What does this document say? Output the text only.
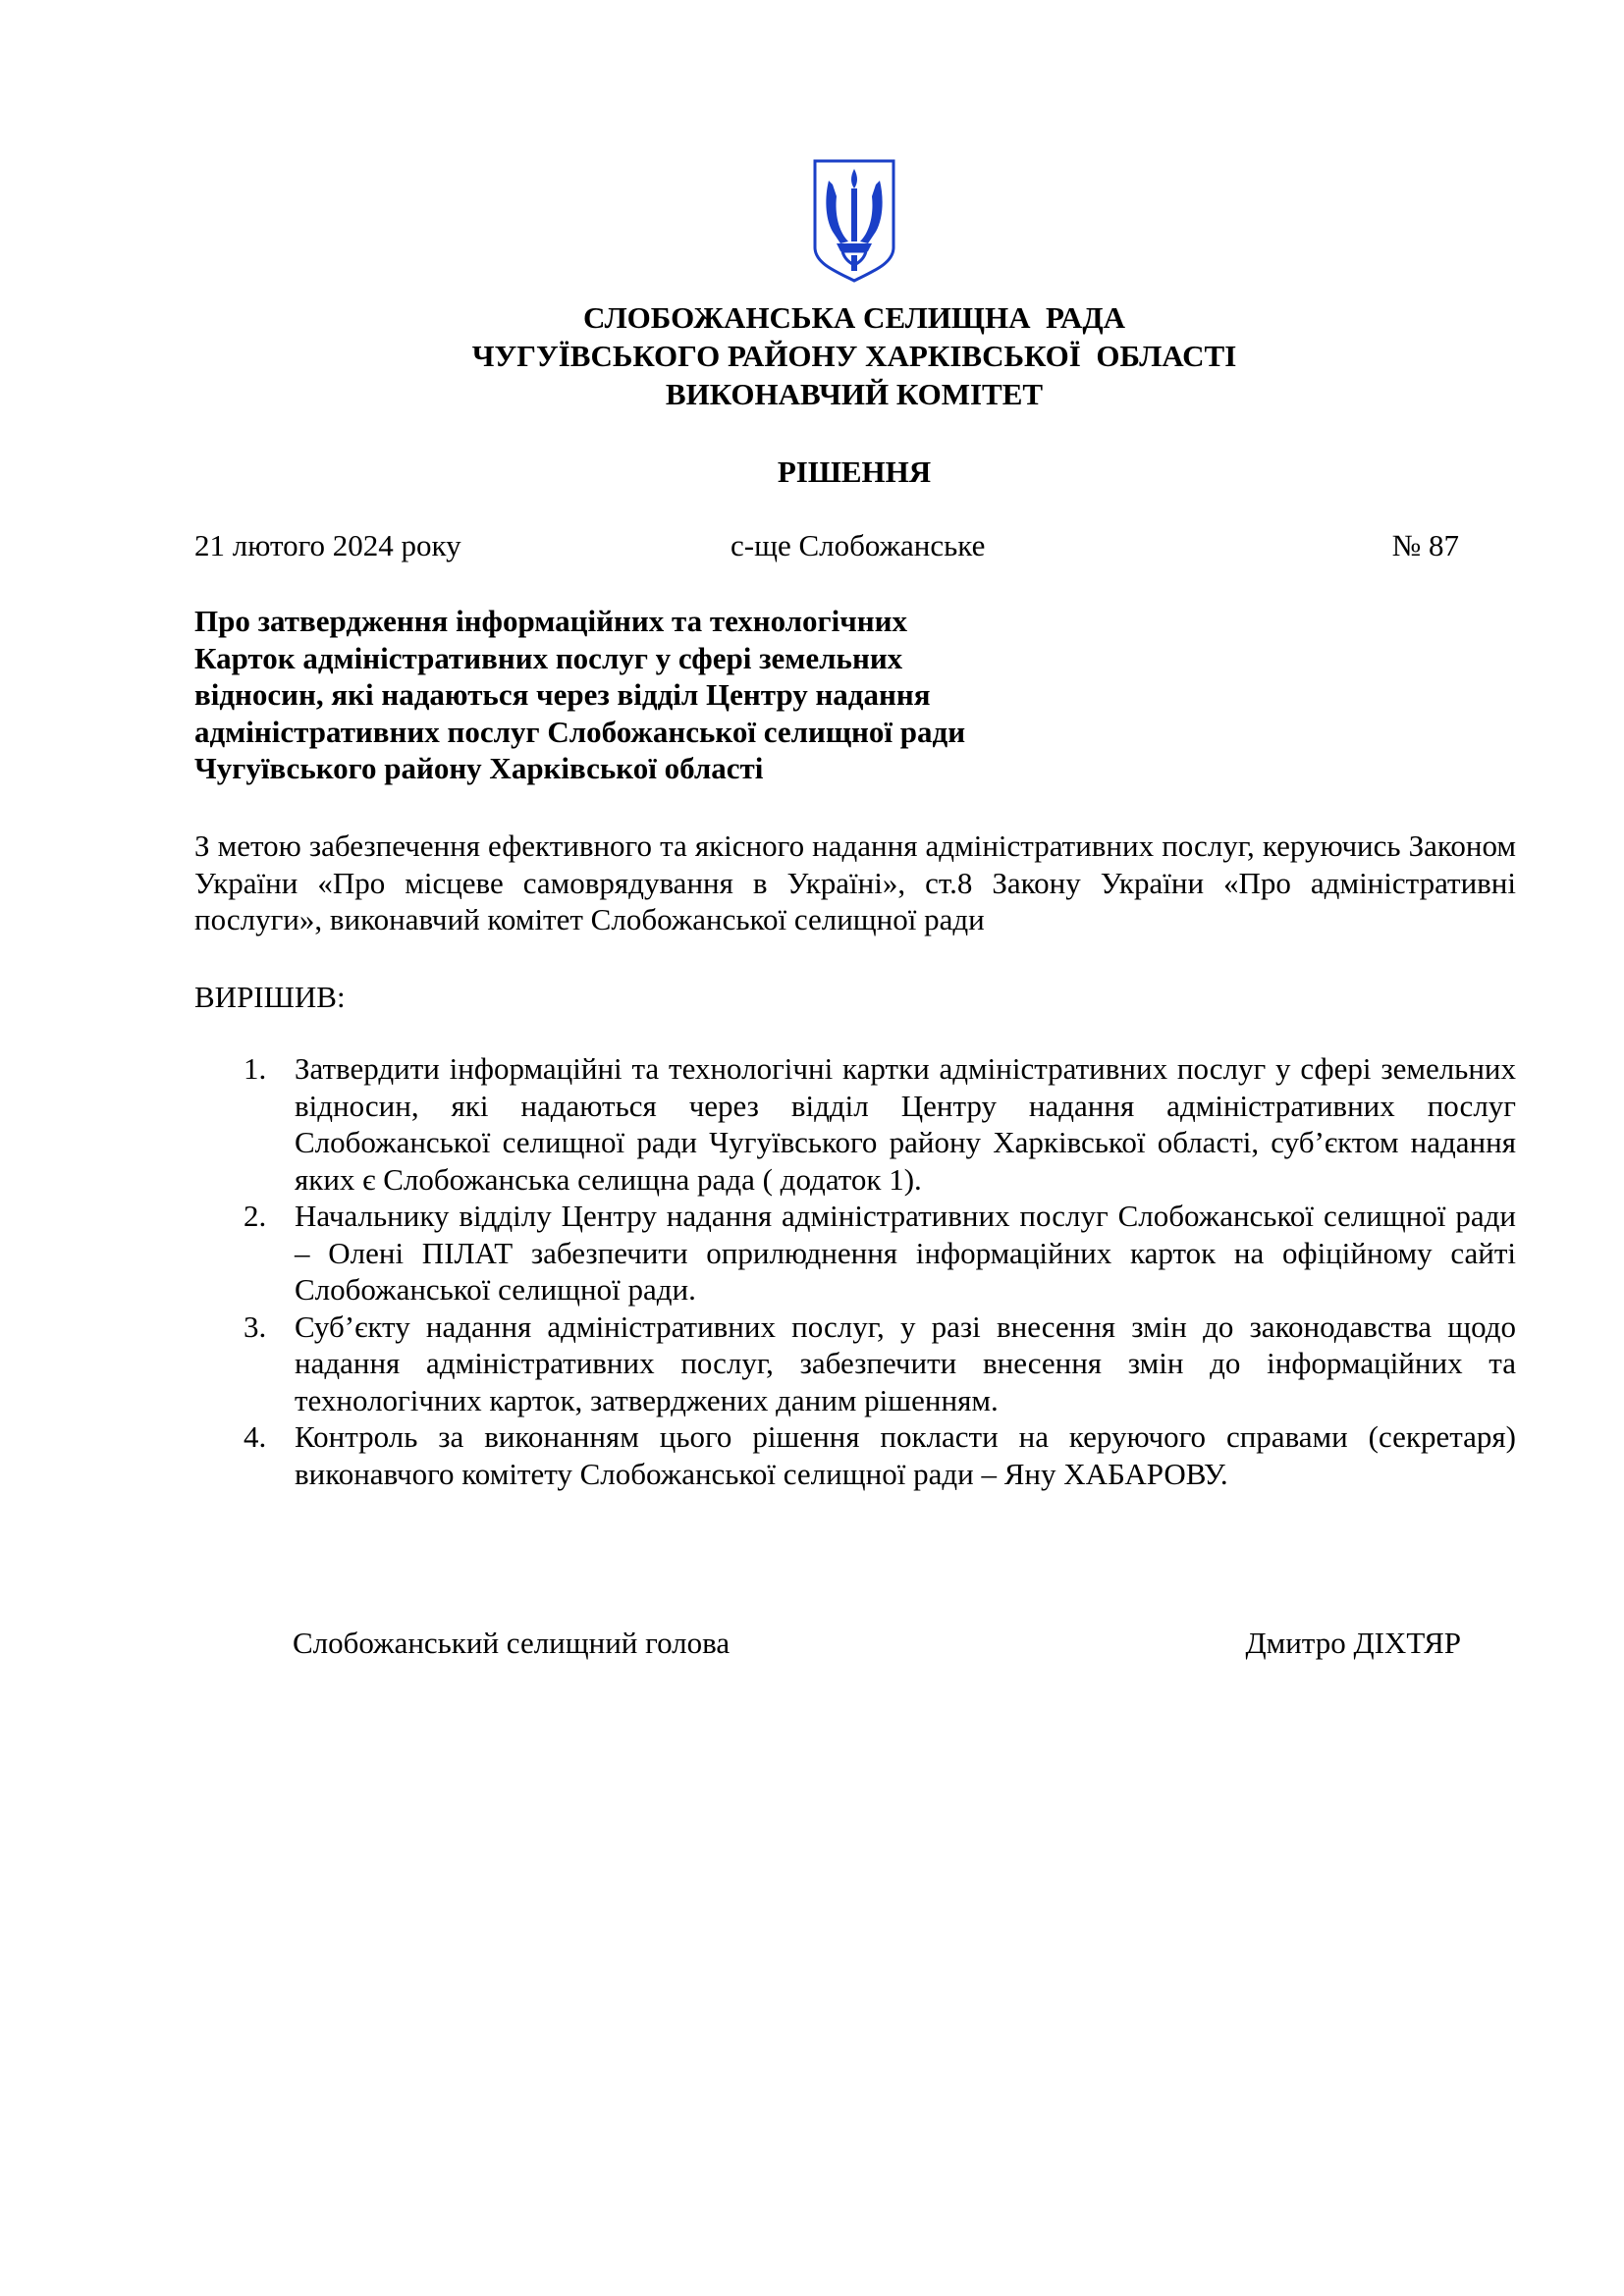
СЛОБОЖАНСЬКА СЕЛИЩНА  РАДА
ЧУГУЇВСЬКОГО РАЙОНУ ХАРКІВСЬКОЇ  ОБЛАСТІ
ВИКОНАВЧИЙ КОМІТЕТ
РІШЕННЯ
21 лютого 2024 року	с-ще Слобожанське	№ 87
Про затвердження інформаційних та технологічних
Карток адміністративних послуг у сфері земельних
відносин, які надаються через відділ Центру надання
адміністративних послуг Слобожанської селищної ради
Чугуївського району Харківської області
З метою забезпечення ефективного та якісного надання адміністративних послуг, керуючись Законом України «Про місцеве самоврядування в Україні», ст.8 Закону України «Про адміністративні послуги», виконавчий комітет Слобожанської селищної ради
ВИРІШИВ:
1. Затвердити інформаційні та технологічні картки адміністративних послуг у сфері земельних відносин, які надаються через відділ Центру надання адміністративних послуг Слобожанської селищної ради Чугуївського району Харківської області, суб’єктом надання яких є Слобожанська селищна рада ( додаток 1).
2. Начальнику відділу Центру надання адміністративних послуг Слобожанської селищної ради – Олені ПІЛАТ забезпечити оприлюднення інформаційних карток на офіційному сайті Слобожанської селищної ради.
3. Суб’єкту надання адміністративних послуг, у разі внесення змін до законодавства щодо надання адміністративних послуг, забезпечити внесення змін до інформаційних та технологічних карток, затверджених даним рішенням.
4. Контроль за виконанням цього рішення покласти на керуючого справами (секретаря) виконавчого комітету Слобожанської селищної ради – Яну ХАБАРОВУ.
Слобожанський селищний голова	Дмитро ДІХТЯР
